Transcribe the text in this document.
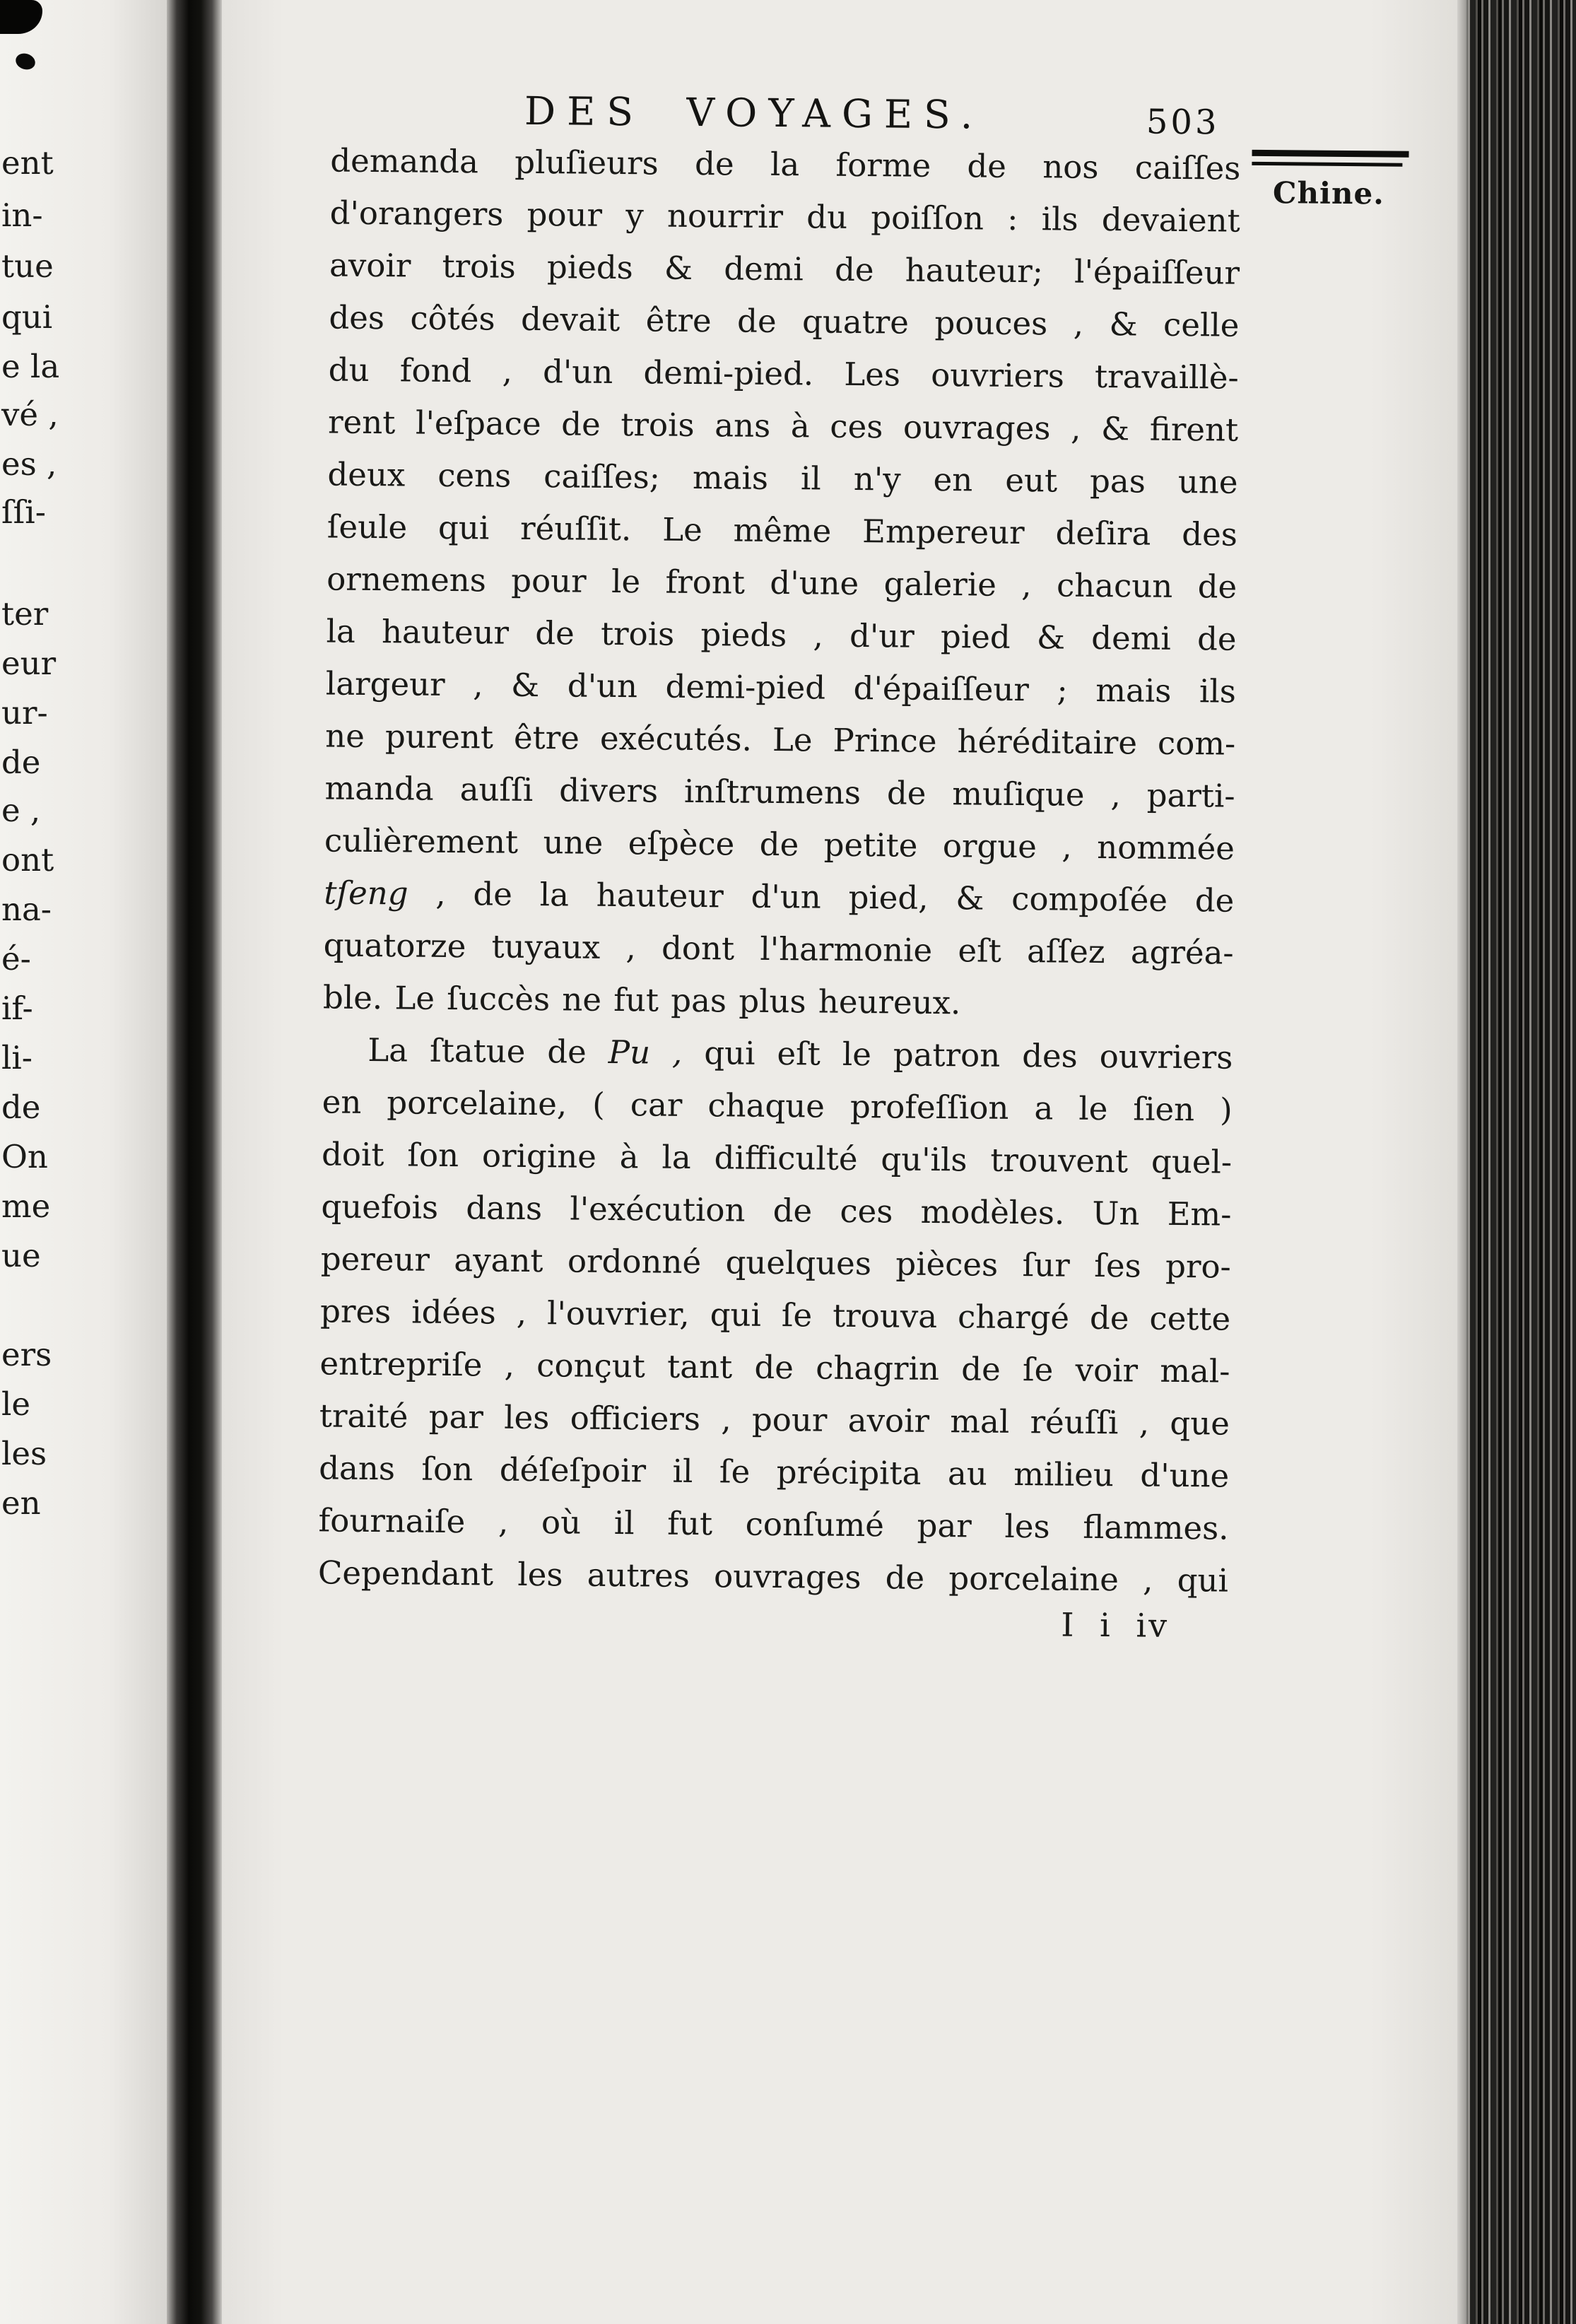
ent
in-
tue
qui
e la
vé ,
es ,
ſſi-
ter
eur
ur-
de
e ,
ont
na-
é-
if-
li-
de
On
me
ue
ers
le
les
en
DES VOYAGES.	503
Chine.
demanda pluſieurs de la forme de nos caiſſes
d'orangers pour y nourrir du poiſſon : ils devaient
avoir trois pieds & demi de hauteur; l'épaiſſeur
des côtés devait être de quatre pouces , & celle
du fond , d'un demi-pied. Les ouvriers travaillè-
rent l'eſpace de trois ans à ces ouvrages , & firent
deux cens caiſſes; mais il n'y en eut pas une
ſeule qui réuſſit. Le même Empereur deſira des
ornemens pour le front d'une galerie , chacun de
la hauteur de trois pieds , d'ur pied & demi de
largeur , & d'un demi-pied d'épaiſſeur ; mais ils
ne purent être exécutés. Le Prince héréditaire com-
manda auſſi divers inſtrumens de muſique , parti-
culièrement une eſpèce de petite orgue , nommée
tſeng , de la hauteur d'un pied, & compoſée de
quatorze tuyaux , dont l'harmonie eſt aſſez agréa-
ble. Le ſuccès ne fut pas plus heureux.
La ſtatue de Pu , qui eſt le patron des ouvriers
en porcelaine, ( car chaque profeſſion a le ſien )
doit ſon origine à la difficulté qu'ils trouvent quel-
quefois dans l'exécution de ces modèles. Un Em-
pereur ayant ordonné quelques pièces ſur ſes pro-
pres idées , l'ouvrier, qui ſe trouva chargé de cette
entrepriſe , conçut tant de chagrin de ſe voir mal-
traité par les officiers , pour avoir mal réuſſi , que
dans ſon déſeſpoir il ſe précipita au milieu d'une
fournaiſe , où il fut conſumé par les flammes.
Cependant les autres ouvrages de porcelaine , qui
I i iv
